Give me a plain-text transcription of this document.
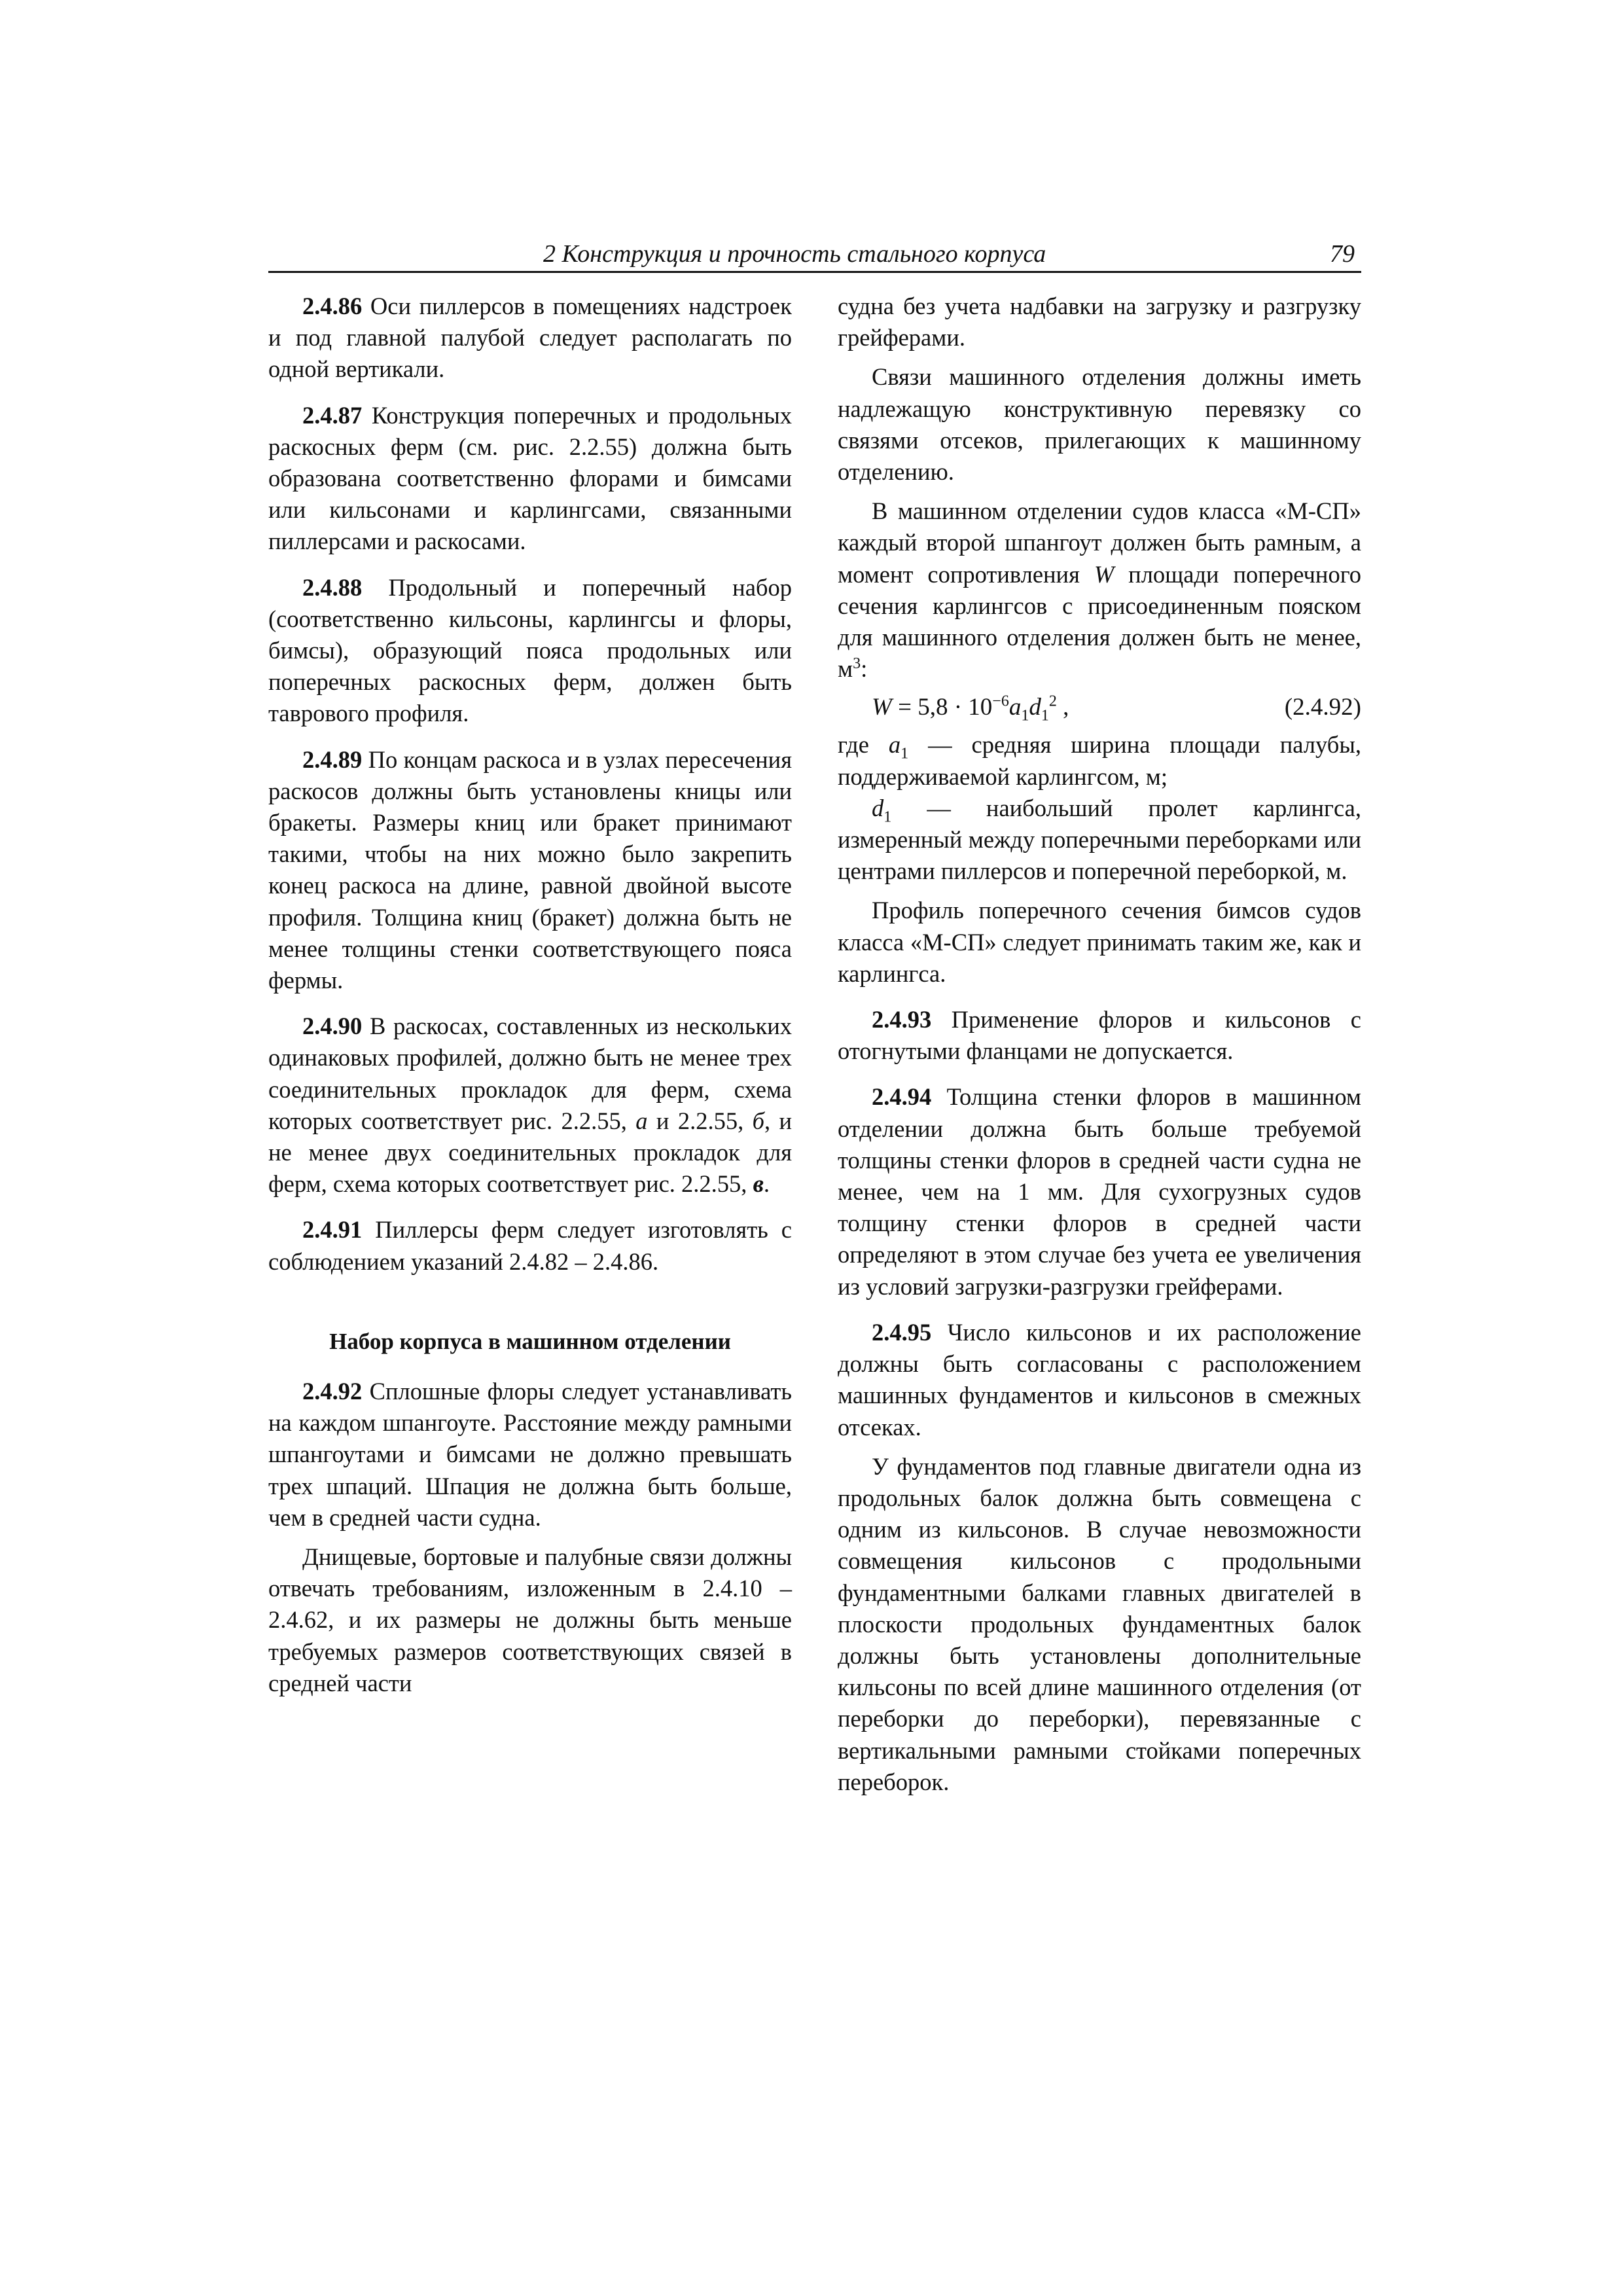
2 Конструкция и прочность стального корпуса	79

2.4.86 Оси пиллерсов в помещениях надстроек и под главной палубой следует располагать по одной вертикали.

2.4.87 Конструкция поперечных и продольных раскосных ферм (см. рис. 2.2.55) должна быть образована соответственно флорами и бимсами или кильсонами и карлингсами, связанными пиллерсами и раскосами.

2.4.88 Продольный и поперечный набор (соответственно кильсоны, карлингсы и флоры, бимсы), образующий пояса продольных или поперечных раскосных ферм, должен быть таврового профиля.

2.4.89 По концам раскоса и в узлах пересечения раскосов должны быть установлены кницы или бракеты. Размеры книц или бракет принимают такими, чтобы на них можно было закрепить конец раскоса на длине, равной двойной высоте профиля. Толщина книц (бракет) должна быть не менее толщины стенки соответствующего пояса фермы.

2.4.90 В раскосах, составленных из нескольких одинаковых профилей, должно быть не менее трех соединительных прокладок для ферм, схема которых соответствует рис. 2.2.55, а и 2.2.55, б, и не менее двух соединительных прокладок для ферм, схема которых соответствует рис. 2.2.55, в.

2.4.91 Пиллерсы ферм следует изготовлять с соблюдением указаний 2.4.82 – 2.4.86.

Набор корпуса в машинном отделении

2.4.92 Сплошные флоры следует устанавливать на каждом шпангоуте. Расстояние между рамными шпангоутами и бимсами не должно превышать трех шпаций. Шпация не должна быть больше, чем в средней части судна.

Днищевые, бортовые и палубные связи должны отвечать требованиям, изложенным в 2.4.10 – 2.4.62, и их размеры не должны быть меньше требуемых размеров соответствующих связей в средней части

судна без учета надбавки на загрузку и разгрузку грейферами.

Связи машинного отделения должны иметь надлежащую конструктивную перевязку со связями отсеков, прилегающих к машинному отделению.

В машинном отделении судов класса «М-СП» каждый второй шпангоут должен быть рамным, а момент сопротивления W площади поперечного сечения карлингсов с присоединенным пояском для машинного отделения должен быть не менее, $м^3$:

$W = 5,8 \cdot 10^{-6}a_1d_1^2$ ,	(2.4.92)

где $a_1$ — средняя ширина площади палубы, поддерживаемой карлингсом, м;

$d_1$ — наибольший пролет карлингса, измеренный между поперечными переборками или центрами пиллерсов и поперечной переборкой, м.

Профиль поперечного сечения бимсов судов класса «М-СП» следует принимать таким же, как и карлингса.

2.4.93 Применение флоров и кильсонов с отогнутыми фланцами не допускается.

2.4.94 Толщина стенки флоров в машинном отделении должна быть больше требуемой толщины стенки флоров в средней части судна не менее, чем на 1 мм. Для сухогрузных судов толщину стенки флоров в средней части определяют в этом случае без учета ее увеличения из условий загрузки-разгрузки грейферами.

2.4.95 Число кильсонов и их расположение должны быть согласованы с расположением машинных фундаментов и кильсонов в смежных отсеках.

У фундаментов под главные двигатели одна из продольных балок должна быть совмещена с одним из кильсонов. В случае невозможности совмещения кильсонов с продольными фундаментными балками главных двигателей в плоскости продольных фундаментных балок должны быть установлены дополнительные кильсоны по всей длине машинного отделения (от переборки до переборки), перевязанные с вертикальными рамными стойками поперечных переборок.
